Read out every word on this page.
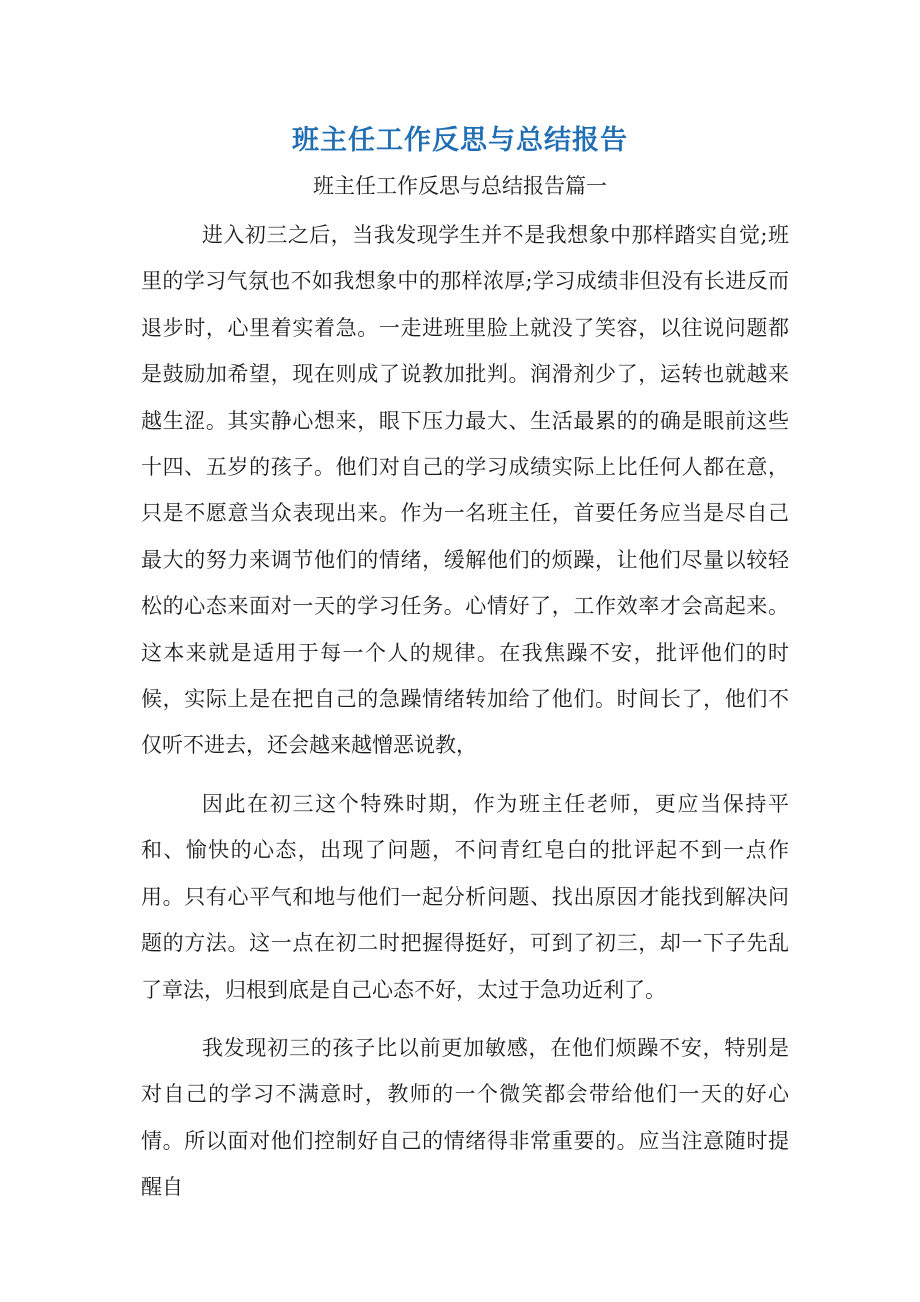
班主任工作反思与总结报告
班主任工作反思与总结报告篇一

进入初三之后，当我发现学生并不是我想象中那样踏实自觉;班里的学习气氛也不如我想象中的那样浓厚;学习成绩非但没有长进反而退步时，心里着实着急。一走进班里脸上就没了笑容，以往说问题都是鼓励加希望，现在则成了说教加批判。润滑剂少了，运转也就越来越生涩。其实静心想来，眼下压力最大、生活最累的的确是眼前这些十四、五岁的孩子。他们对自己的学习成绩实际上比任何人都在意，只是不愿意当众表现出来。作为一名班主任，首要任务应当是尽自己最大的努力来调节他们的情绪，缓解他们的烦躁，让他们尽量以较轻松的心态来面对一天的学习任务。心情好了，工作效率才会高起来。这本来就是适用于每一个人的规律。在我焦躁不安，批评他们的时候，实际上是在把自己的急躁情绪转加给了他们。时间长了，他们不仅听不进去，还会越来越憎恶说教，

因此在初三这个特殊时期，作为班主任老师，更应当保持平和、愉快的心态，出现了问题，不问青红皂白的批评起不到一点作用。只有心平气和地与他们一起分析问题、找出原因才能找到解决问题的方法。这一点在初二时把握得挺好，可到了初三，却一下子先乱了章法，归根到底是自己心态不好，太过于急功近利了。

我发现初三的孩子比以前更加敏感，在他们烦躁不安，特别是对自己的学习不满意时，教师的一个微笑都会带给他们一天的好心情。所以面对他们控制好自己的情绪得非常重要的。应当注意随时提醒自
